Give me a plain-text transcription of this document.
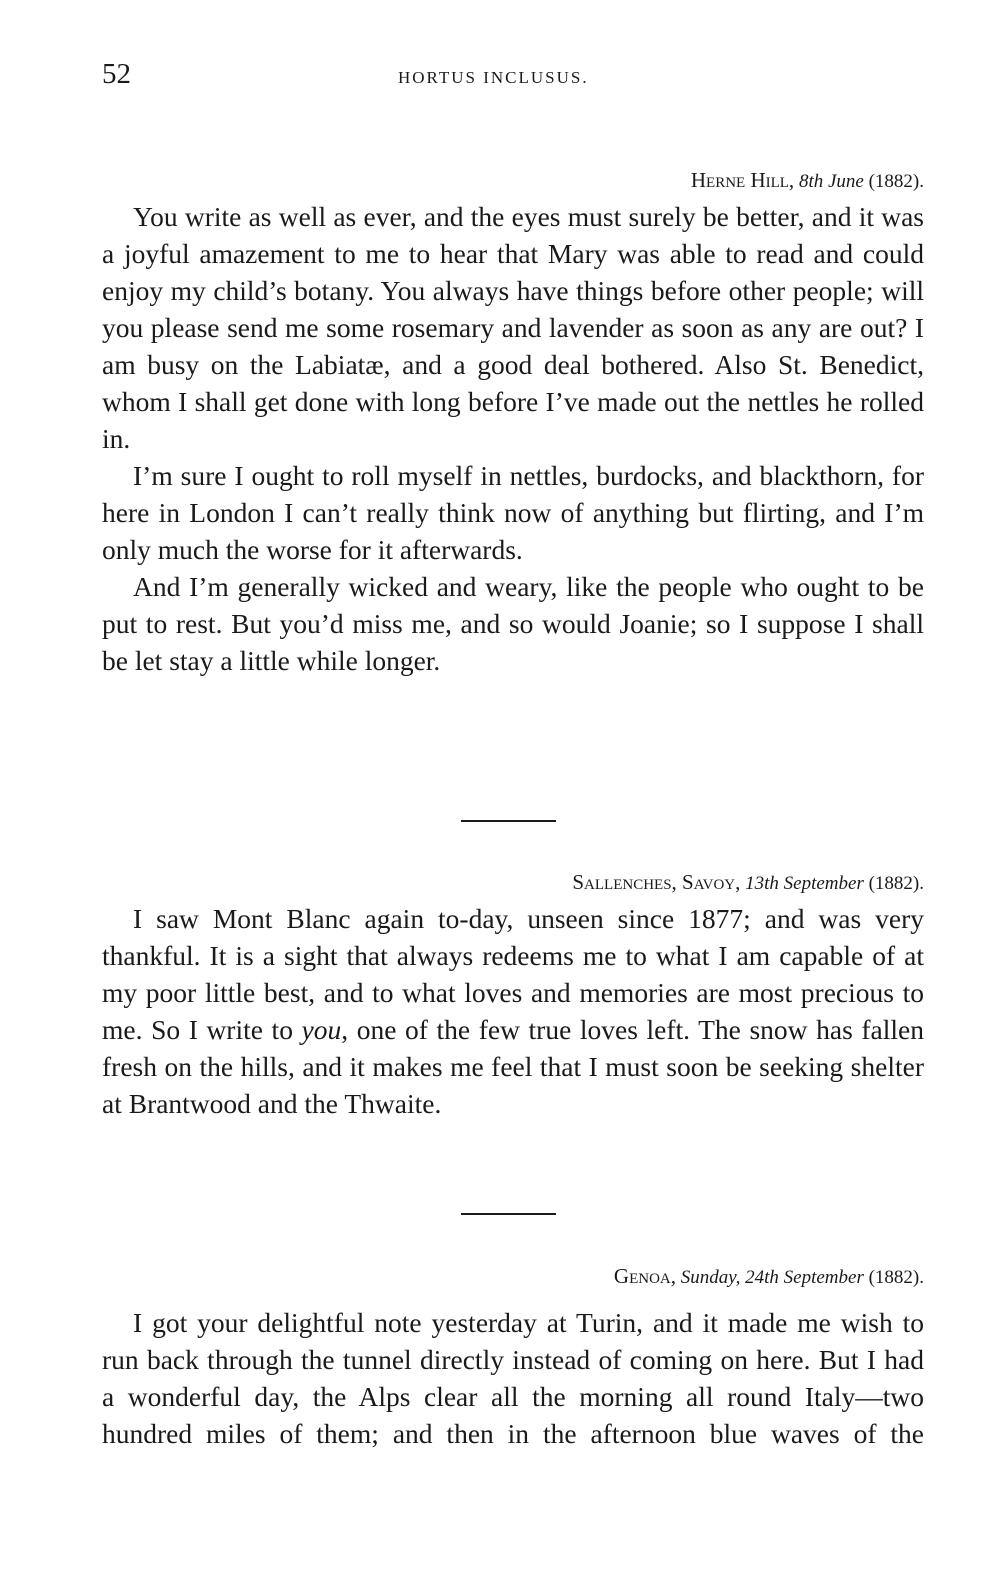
52	HORTUS INCLUSUS.
Herne Hill, 8th June (1882).

You write as well as ever, and the eyes must surely be better, and it was a joyful amazement to me to hear that Mary was able to read and could enjoy my child’s botany. You always have things before other people; will you please send me some rosemary and lavender as soon as any are out? I am busy on the Labiatæ, and a good deal bothered. Also St. Benedict, whom I shall get done with long before I’ve made out the nettles he rolled in.

I’m sure I ought to roll myself in nettles, burdocks, and blackthorn, for here in London I can’t really think now of anything but flirting, and I’m only much the worse for it afterwards.

And I’m generally wicked and weary, like the people who ought to be put to rest. But you’d miss me, and so would Joanie; so I suppose I shall be let stay a little while longer.

Sallenches, Savoy, 13th September (1882).

I saw Mont Blanc again to-day, unseen since 1877; and was very thankful. It is a sight that always redeems me to what I am capable of at my poor little best, and to what loves and memories are most precious to me. So I write to you, one of the few true loves left. The snow has fallen fresh on the hills, and it makes me feel that I must soon be seeking shelter at Brantwood and the Thwaite.

Genoa, Sunday, 24th September (1882).

I got your delightful note yesterday at Turin, and it made me wish to run back through the tunnel directly instead of coming on here. But I had a wonderful day, the Alps clear all the morning all round Italy—two hundred miles of them; and then in the afternoon blue waves of the
